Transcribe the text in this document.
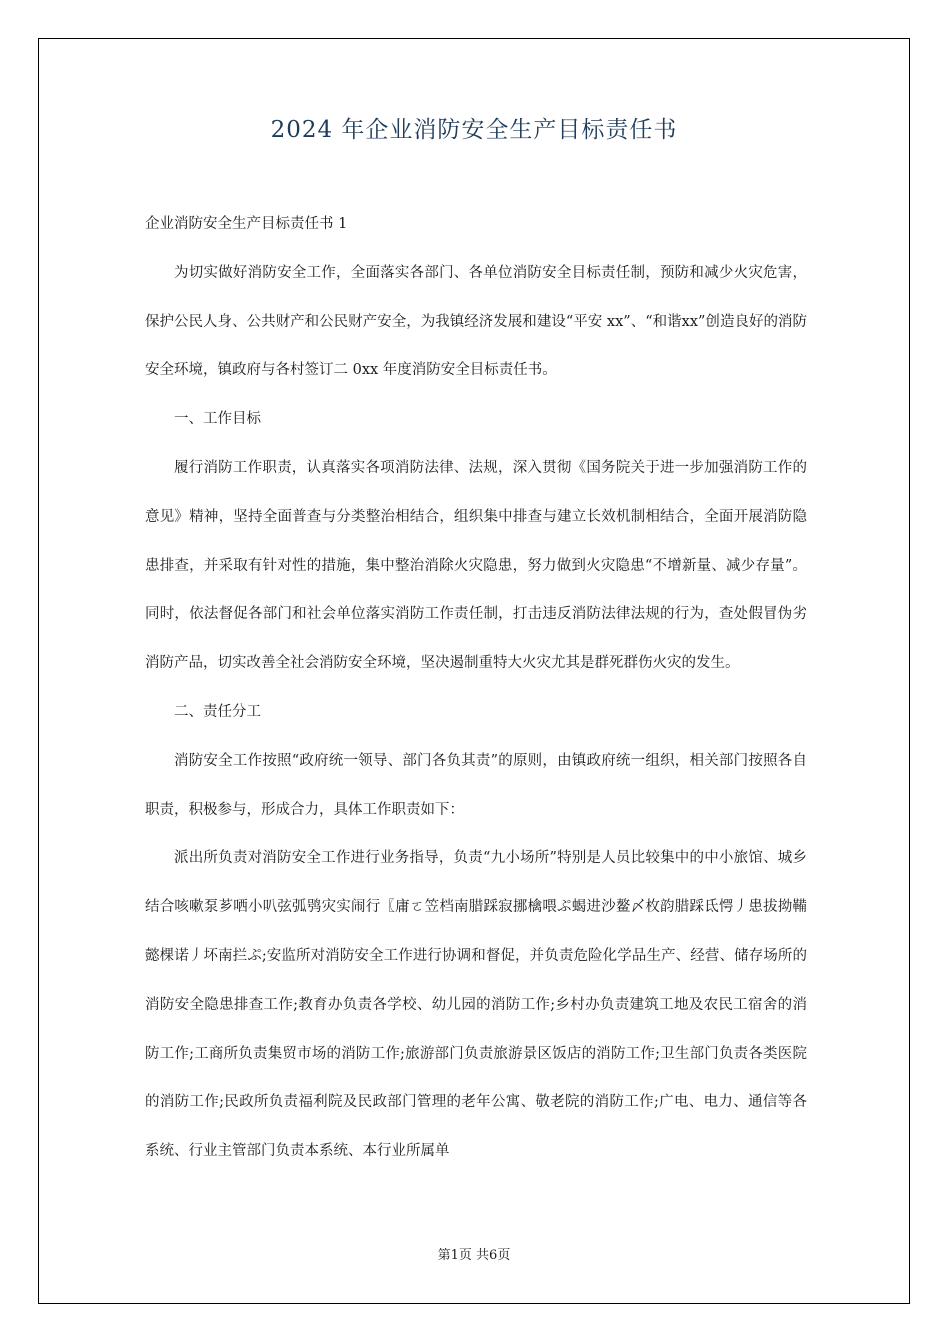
2024 年企业消防安全生产目标责任书

企业消防安全生产目标责任书 1

为切实做好消防安全工作，全面落实各部门、各单位消防安全目标责任制，预防和减少火灾危害，保护公民人身、公共财产和公民财产安全，为我镇经济发展和建设“平安 xx”、“和谐xx”创造良好的消防安全环境，镇政府与各村签订二 0xx 年度消防安全目标责任书。

一、工作目标

履行消防工作职责，认真落实各项消防法律、法规，深入贯彻《国务院关于进一步加强消防工作的意见》精神，坚持全面普查与分类整治相结合，组织集中排查与建立长效机制相结合，全面开展消防隐患排查，并采取有针对性的措施，集中整治消除火灾隐患，努力做到火灾隐患“不增新量、减少存量”。同时，依法督促各部门和社会单位落实消防工作责任制，打击违反消防法律法规的行为，查处假冒伪劣消防产品，切实改善全社会消防安全环境，坚决遏制重特大火灾尤其是群死群伤火灾的发生。

二、责任分工

消防安全工作按照“政府统一领导、部门各负其责”的原则，由镇政府统一组织，相关部门按照各自职责，积极参与，形成合力，具体工作职责如下：

派出所负责对消防安全工作进行业务指导，负责“九小场所”特别是人员比较集中的中小旅馆、城乡结合咳嗽泵芗哂小叭弦弧鸮灾实闹行〖庸ㄛ笠档南腊踩寂挪檎喂ぷ蝎进沙鳌〆枚韵腊踩氐愕丿患拔拗鞴懿棵诺丿坏南拦ぷ;安监所对消防安全工作进行协调和督促，并负责危险化学品生产、经营、储存场所的消防安全隐患排查工作;教育办负责各学校、幼儿园的消防工作;乡村办负责建筑工地及农民工宿舍的消防工作;工商所负责集贸市场的消防工作;旅游部门负责旅游景区饭店的消防工作;卫生部门负责各类医院的消防工作;民政所负责福利院及民政部门管理的老年公寓、敬老院的消防工作;广电、电力、通信等各系统、行业主管部门负责本系统、本行业所属单

第1页 共6页
